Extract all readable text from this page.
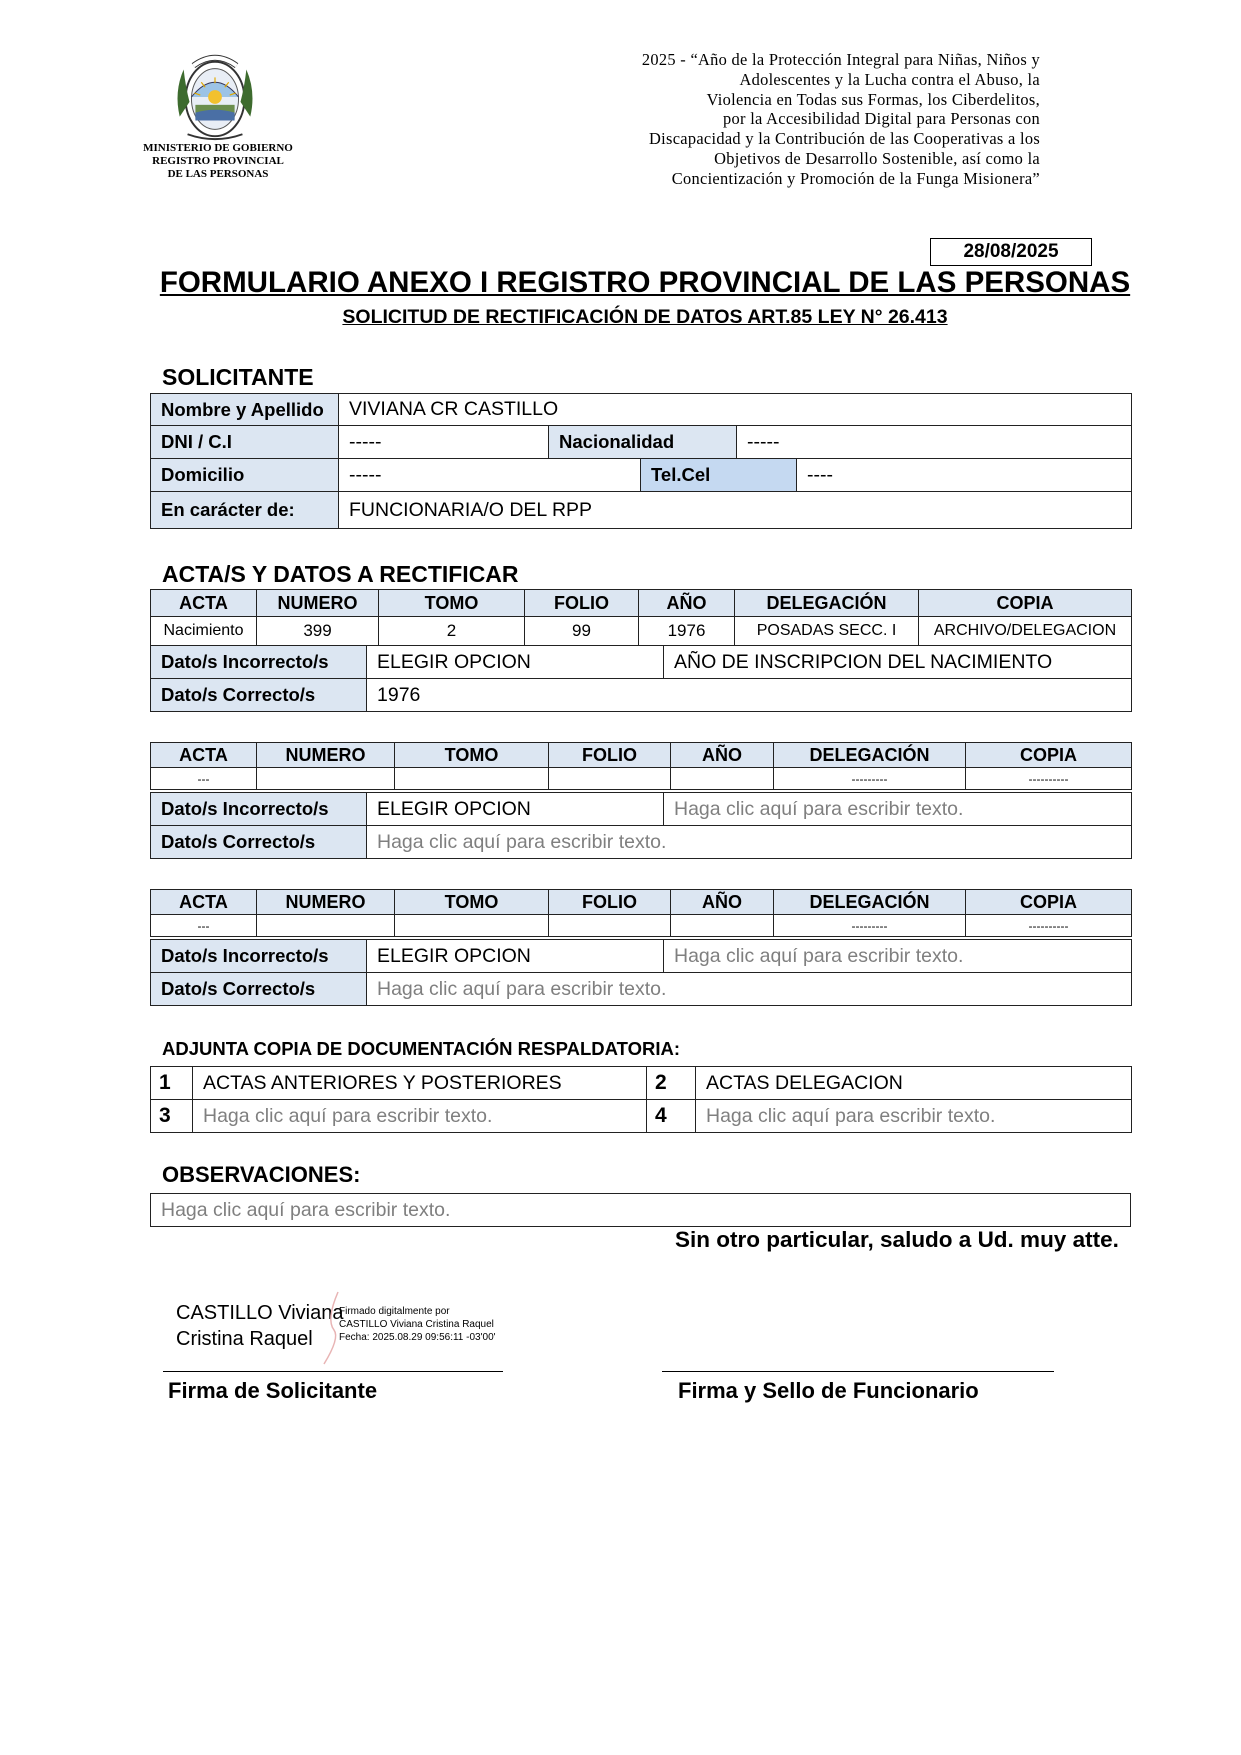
MINISTERIO DE GOBIERNO
REGISTRO PROVINCIAL
DE LAS PERSONAS
2025 - “Año de la Protección Integral para Niñas, Niños y
Adolescentes y la Lucha contra el Abuso, la
Violencia en Todas sus Formas, los Ciberdelitos,
por la Accesibilidad Digital para Personas con
Discapacidad y la Contribución de las Cooperativas a los
Objetivos de Desarrollo Sostenible, así como la
Concientización y Promoción de la Funga Misionera”
28/08/2025
FORMULARIO ANEXO I REGISTRO PROVINCIAL DE LAS PERSONAS
SOLICITUD DE RECTIFICACIÓN DE DATOS ART.85 LEY N° 26.413
SOLICITANTE
Nombre y Apellido	VIVIANA CR CASTILLO		
DNI / C.I	-----	Nacionalidad	-----
Domicilio	-----	Tel.Cel	----
En carácter de:	FUNCIONARIA/O DEL RPP		
ACTA/S Y DATOS A RECTIFICAR
ACTA	NUMERO	TOMO	FOLIO	AÑO	DELEGACIÓN	COPIA
Nacimiento	399	2	99	1976	POSADAS SECC. I	ARCHIVO/DELEGACION
Dato/s Incorrecto/s	ELEGIR OPCION	AÑO DE INSCRIPCION DEL NACIMIENTO
Dato/s Correcto/s	1976	
ACTA	NUMERO	TOMO	FOLIO	AÑO	DELEGACIÓN	COPIA
---					---------	----------
Dato/s Incorrecto/s	ELEGIR OPCION	Haga clic aquí para escribir texto.
Dato/s Correcto/s	Haga clic aquí para escribir texto.	
ACTA	NUMERO	TOMO	FOLIO	AÑO	DELEGACIÓN	COPIA
---					---------	----------
Dato/s Incorrecto/s	ELEGIR OPCION	Haga clic aquí para escribir texto.
Dato/s Correcto/s	Haga clic aquí para escribir texto.	
ADJUNTA COPIA DE DOCUMENTACIÓN RESPALDATORIA:
1	ACTAS ANTERIORES Y POSTERIORES	2	ACTAS DELEGACION
3	Haga clic aquí para escribir texto.	4	Haga clic aquí para escribir texto.
OBSERVACIONES:
Haga clic aquí para escribir texto.
Sin otro particular, saludo a Ud. muy atte.
CASTILLO Viviana
Cristina Raquel
Firmado digitalmente por
CASTILLO Viviana Cristina Raquel
Fecha: 2025.08.29 09:56:11 -03'00'
Firma de Solicitante	Firma y Sello de Funcionario
